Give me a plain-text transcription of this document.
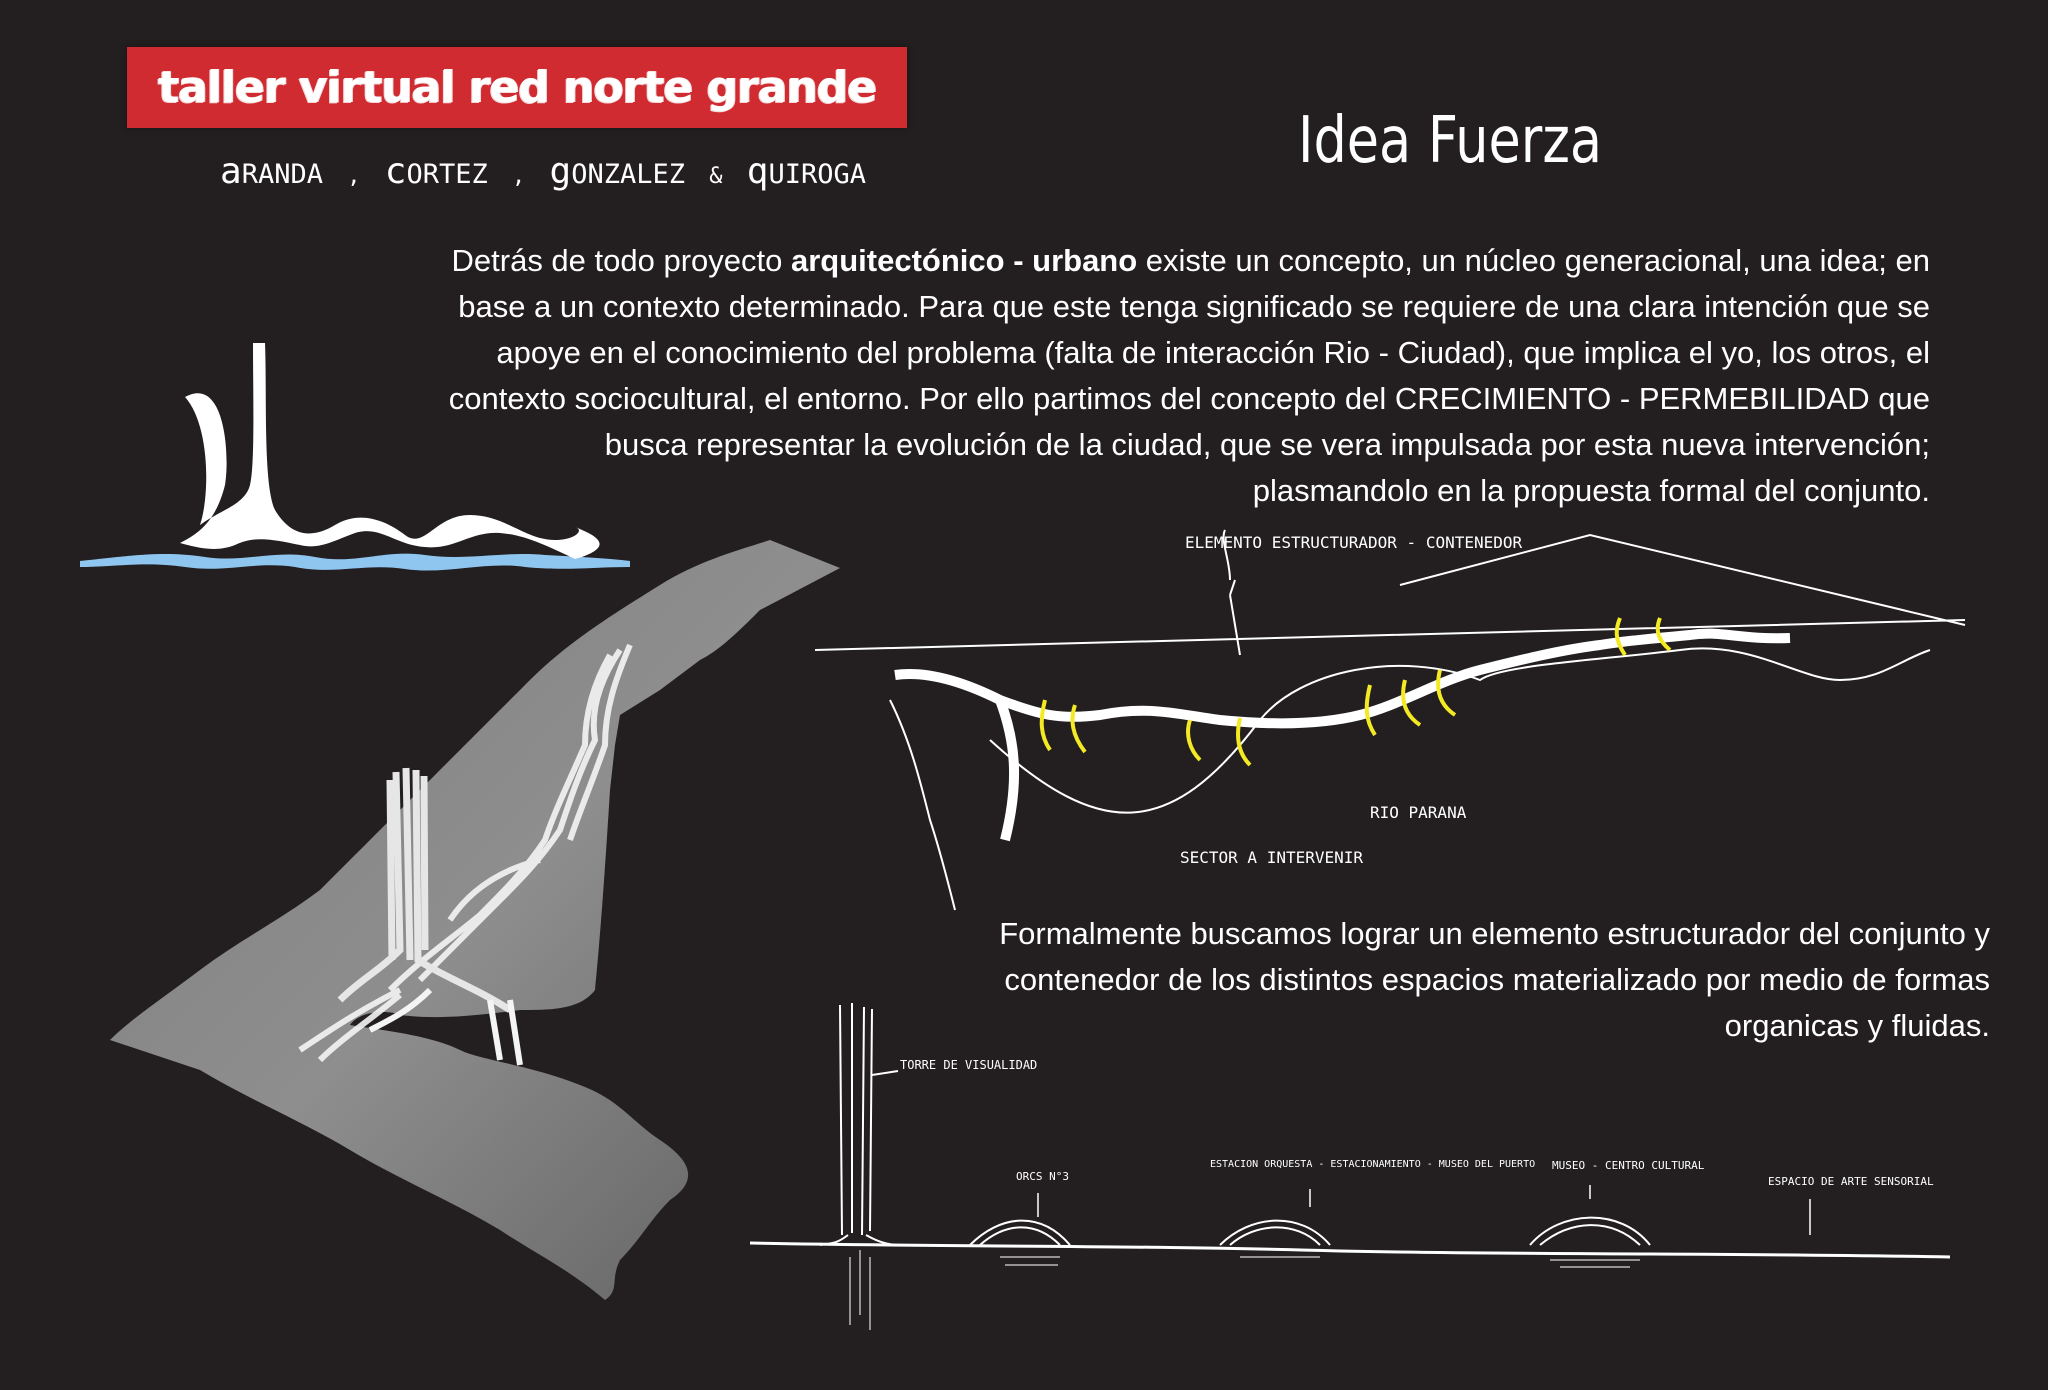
taller virtual red norte grande
aRANDA , cORTEZ , gONZALEZ & qUIROGA	Idea Fuerza
Detrás de todo proyecto arquitectónico - urbano existe un concepto, un núcleo generacional, una idea; en
base a un contexto determinado. Para que este tenga significado se requiere de una clara intención que se
apoye en el conocimiento del problema (falta de interacción Rio - Ciudad), que implica el yo, los otros, el
contexto sociocultural, el entorno. Por ello partimos del concepto del CRECIMIENTO - PERMEBILIDAD que
busca representar la evolución de la ciudad, que se vera impulsada por esta nueva intervención;
plasmandolo en la propuesta formal del conjunto.
ELEMENTO ESTRUCTURADOR - CONTENEDOR
RIO PARANA
SECTOR A INTERVENIR
Formalmente buscamos lograr un elemento estructurador del conjunto y
contenedor de los distintos espacios materializado por medio de formas
organicas y fluidas.
TORRE DE VISUALIDAD
ORCS N°3
ESTACION ORQUESTA - ESTACIONAMIENTO - MUSEO DEL PUERTO MUSEO - CENTRO CULTURAL
ESPACIO DE ARTE SENSORIAL
